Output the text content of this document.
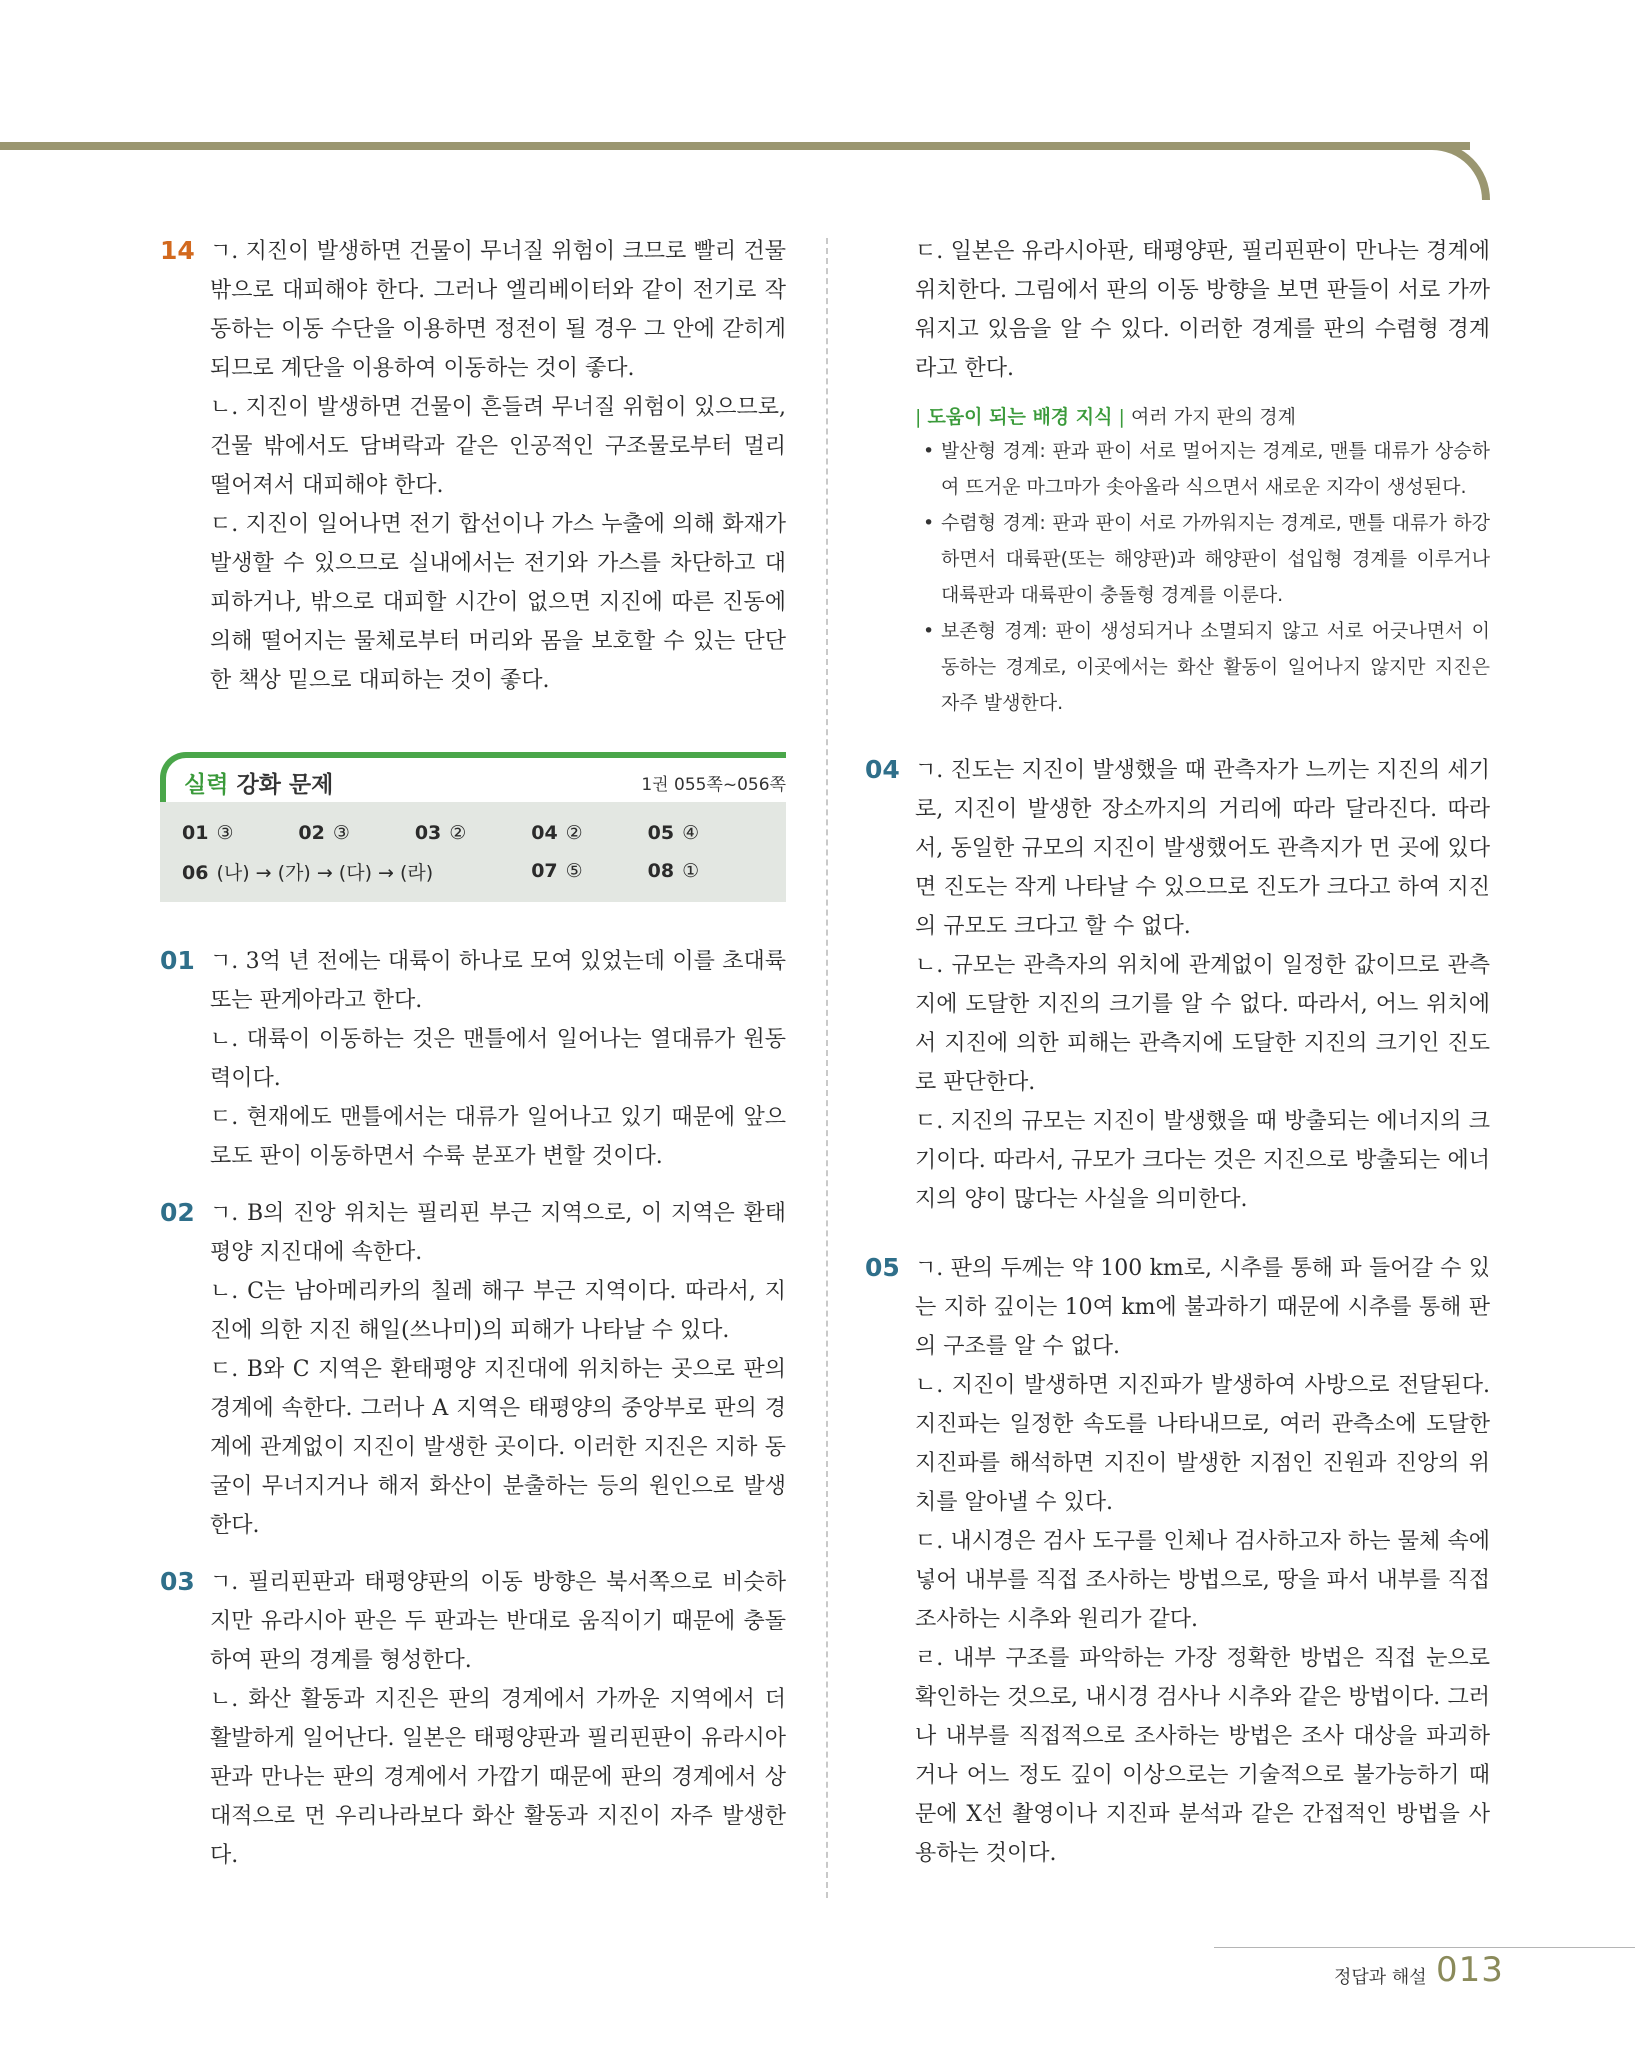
14 ㄱ. 지진이 발생하면 건물이 무너질 위험이 크므로 빨리 건물 밖으로 대피해야 한다. 그러나 엘리베이터와 같이 전기로 작동하는 이동 수단을 이용하면 정전이 될 경우 그 안에 갇히게 되므로 계단을 이용하여 이동하는 것이 좋다.

ㄴ. 지진이 발생하면 건물이 흔들려 무너질 위험이 있으므로, 건물 밖에서도 담벼락과 같은 인공적인 구조물로부터 멀리 떨어져서 대피해야 한다.

ㄷ. 지진이 일어나면 전기 합선이나 가스 누출에 의해 화재가 발생할 수 있으므로 실내에서는 전기와 가스를 차단하고 대피하거나, 밖으로 대피할 시간이 없으면 지진에 따른 진동에 의해 떨어지는 물체로부터 머리와 몸을 보호할 수 있는 단단한 책상 밑으로 대피하는 것이 좋다.

실력 강화 문제	1권 055쪽~056쪽
01 ③	02 ③	03 ②	04 ②	05 ④
06 (나) → (가) → (다) → (라)	07 ⑤	08 ①
01 ㄱ. 3억 년 전에는 대륙이 하나로 모여 있었는데 이를 초대륙 또는 판게아라고 한다.

ㄴ. 대륙이 이동하는 것은 맨틀에서 일어나는 열대류가 원동력이다.

ㄷ. 현재에도 맨틀에서는 대류가 일어나고 있기 때문에 앞으로도 판이 이동하면서 수륙 분포가 변할 것이다.

02 ㄱ. B의 진앙 위치는 필리핀 부근 지역으로, 이 지역은 환태평양 지진대에 속한다.

ㄴ. C는 남아메리카의 칠레 해구 부근 지역이다. 따라서, 지진에 의한 지진 해일(쓰나미)의 피해가 나타날 수 있다.

ㄷ. B와 C 지역은 환태평양 지진대에 위치하는 곳으로 판의 경계에 속한다. 그러나 A 지역은 태평양의 중앙부로 판의 경계에 관계없이 지진이 발생한 곳이다. 이러한 지진은 지하 동굴이 무너지거나 해저 화산이 분출하는 등의 원인으로 발생한다.

03 ㄱ. 필리핀판과 태평양판의 이동 방향은 북서쪽으로 비슷하지만 유라시아 판은 두 판과는 반대로 움직이기 때문에 충돌하여 판의 경계를 형성한다.

ㄴ. 화산 활동과 지진은 판의 경계에서 가까운 지역에서 더 활발하게 일어난다. 일본은 태평양판과 필리핀판이 유라시아판과 만나는 판의 경계에서 가깝기 때문에 판의 경계에서 상대적으로 먼 우리나라보다 화산 활동과 지진이 자주 발생한다.

ㄷ. 일본은 유라시아판, 태평양판, 필리핀판이 만나는 경계에 위치한다. 그림에서 판의 이동 방향을 보면 판들이 서로 가까워지고 있음을 알 수 있다. 이러한 경계를 판의 수렴형 경계라고 한다.

| 도움이 되는 배경 지식 | 여러 가지 판의 경계

• 발산형 경계: 판과 판이 서로 멀어지는 경계로, 맨틀 대류가 상승하여 뜨거운 마그마가 솟아올라 식으면서 새로운 지각이 생성된다.

• 수렴형 경계: 판과 판이 서로 가까워지는 경계로, 맨틀 대류가 하강하면서 대륙판(또는 해양판)과 해양판이 섭입형 경계를 이루거나 대륙판과 대륙판이 충돌형 경계를 이룬다.

• 보존형 경계: 판이 생성되거나 소멸되지 않고 서로 어긋나면서 이동하는 경계로, 이곳에서는 화산 활동이 일어나지 않지만 지진은 자주 발생한다.

04 ㄱ. 진도는 지진이 발생했을 때 관측자가 느끼는 지진의 세기로, 지진이 발생한 장소까지의 거리에 따라 달라진다. 따라서, 동일한 규모의 지진이 발생했어도 관측지가 먼 곳에 있다면 진도는 작게 나타날 수 있으므로 진도가 크다고 하여 지진의 규모도 크다고 할 수 없다.

ㄴ. 규모는 관측자의 위치에 관계없이 일정한 값이므로 관측지에 도달한 지진의 크기를 알 수 없다. 따라서, 어느 위치에서 지진에 의한 피해는 관측지에 도달한 지진의 크기인 진도로 판단한다.

ㄷ. 지진의 규모는 지진이 발생했을 때 방출되는 에너지의 크기이다. 따라서, 규모가 크다는 것은 지진으로 방출되는 에너지의 양이 많다는 사실을 의미한다.

05 ㄱ. 판의 두께는 약 100 km로, 시추를 통해 파 들어갈 수 있는 지하 깊이는 10여 km에 불과하기 때문에 시추를 통해 판의 구조를 알 수 없다.

ㄴ. 지진이 발생하면 지진파가 발생하여 사방으로 전달된다. 지진파는 일정한 속도를 나타내므로, 여러 관측소에 도달한 지진파를 해석하면 지진이 발생한 지점인 진원과 진앙의 위치를 알아낼 수 있다.

ㄷ. 내시경은 검사 도구를 인체나 검사하고자 하는 물체 속에 넣어 내부를 직접 조사하는 방법으로, 땅을 파서 내부를 직접 조사하는 시추와 원리가 같다.

ㄹ. 내부 구조를 파악하는 가장 정확한 방법은 직접 눈으로 확인하는 것으로, 내시경 검사나 시추와 같은 방법이다. 그러나 내부를 직접적으로 조사하는 방법은 조사 대상을 파괴하거나 어느 정도 깊이 이상으로는 기술적으로 불가능하기 때문에 X선 촬영이나 지진파 분석과 같은 간접적인 방법을 사용하는 것이다.

정답과 해설 013
